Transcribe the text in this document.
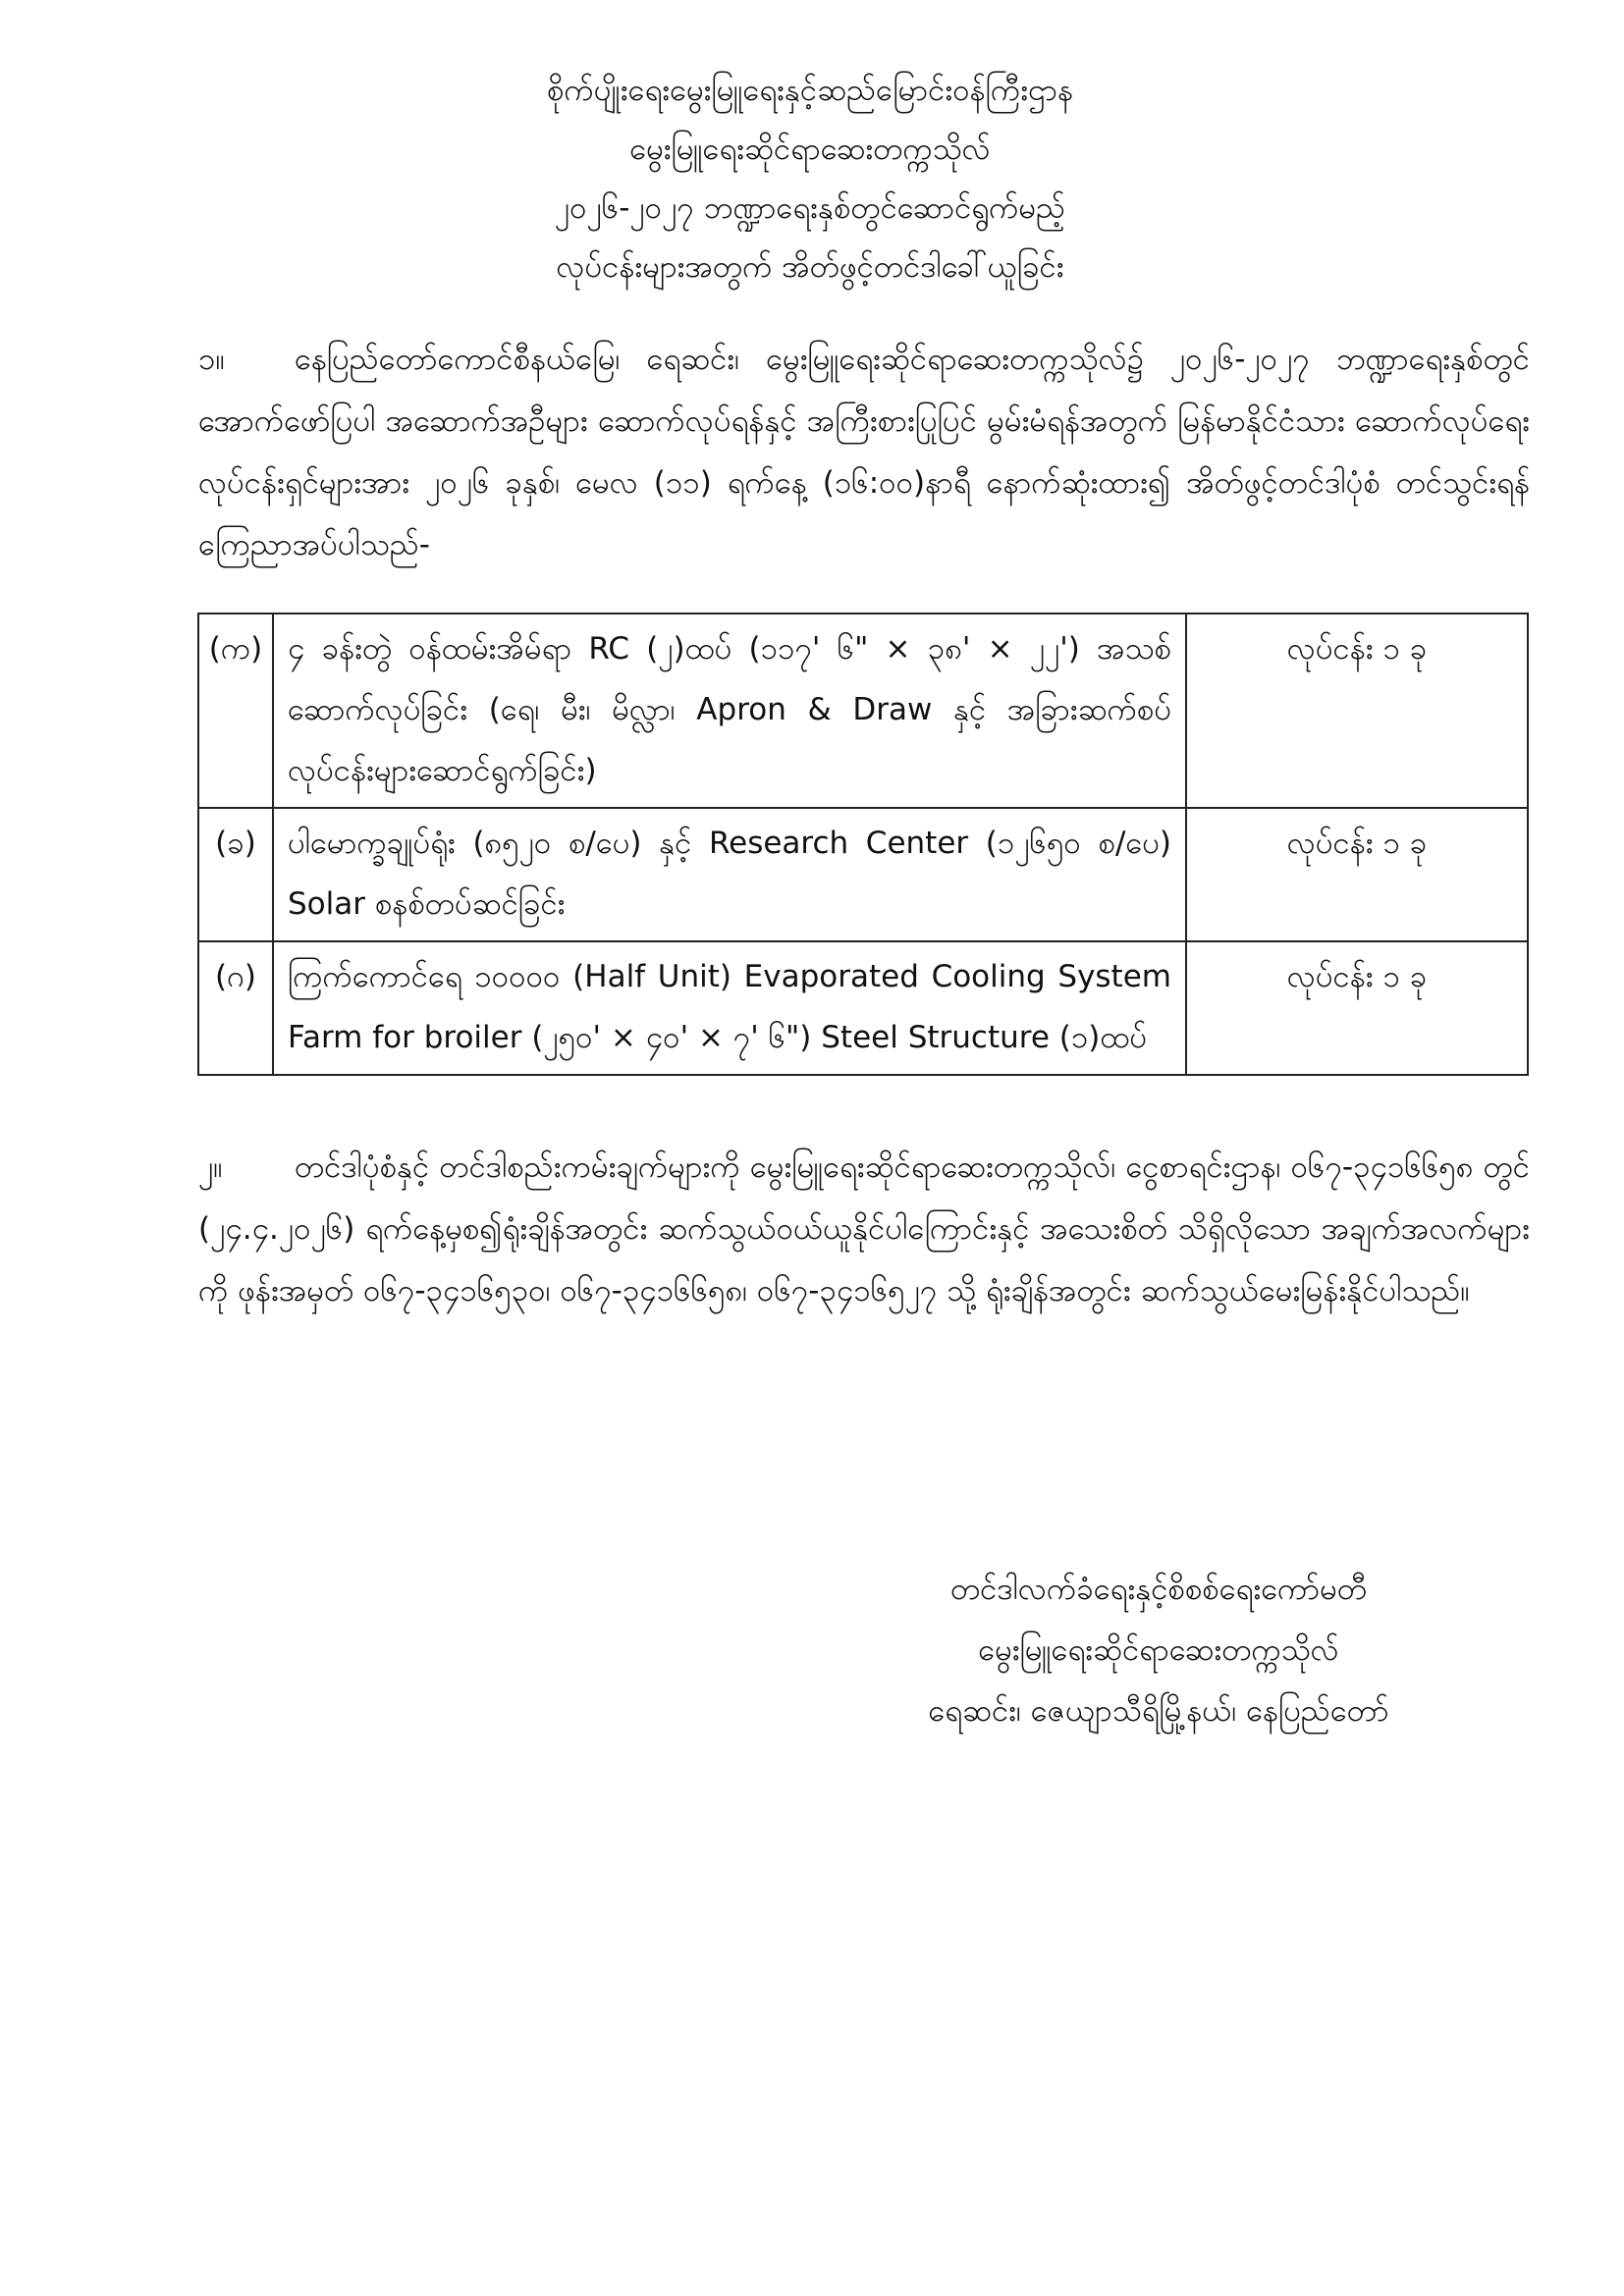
စိုက်ပျိုးရေးမွေးမြူရေးနှင့်ဆည်မြောင်းဝန်ကြီးဌာန
မွေးမြူရေးဆိုင်ရာဆေးတက္ကသိုလ်
၂၀၂၆-၂၀၂၇ ဘဏ္ဍာရေးနှစ်တွင်ဆောင်ရွက်မည့်
လုပ်ငန်းများအတွက် အိတ်ဖွင့်တင်ဒါခေါ်ယူခြင်း
၁။ နေပြည်တော်ကောင်စီနယ်မြေ၊ ရေဆင်း၊ မွေးမြူရေးဆိုင်ရာဆေးတက္ကသိုလ်၌ ၂၀၂၆-၂၀၂၇ ဘဏ္ဍာရေးနှစ်တွင် အောက်ဖော်ပြပါ အဆောက်အဦများ ဆောက်လုပ်ရန်နှင့် အကြီးစားပြုပြင် မွမ်းမံရန်အတွက် မြန်မာနိုင်ငံသား ဆောက်လုပ်ရေးလုပ်ငန်းရှင်များအား ၂၀၂၆ ခုနှစ်၊ မေလ (၁၁) ရက်နေ့ (၁၆:၀၀)နာရီ နောက်ဆုံးထား၍ အိတ်ဖွင့်တင်ဒါပုံစံ တင်သွင်းရန် ကြေညာအပ်ပါသည်-
(က)	၄ ခန်းတွဲ ဝန်ထမ်းအိမ်ရာ RC (၂)ထပ် (၁၁၇' ၆" × ၃၈' × ၂၂') အသစ် ဆောက်လုပ်ခြင်း (ရေ၊ မီး၊ မိလ္လာ၊ Apron & Draw နှင့် အခြားဆက်စပ် လုပ်ငန်းများဆောင်ရွက်ခြင်း)	လုပ်ငန်း ၁ ခု
(ခ)	ပါမောက္ခချုပ်ရုံး (၈၅၂၀ စ/ပေ) နှင့် Research Center (၁၂၆၅၀ စ/ပေ) Solar စနစ်တပ်ဆင်ခြင်း	လုပ်ငန်း ၁ ခု
(ဂ)	ကြက်ကောင်ရေ ၁၀၀၀၀ (Half Unit) Evaporated Cooling System Farm for broiler (၂၅၀' × ၄၀' × ၇' ၆") Steel Structure (၁)ထပ်	လုပ်ငန်း ၁ ခု
၂။ တင်ဒါပုံစံနှင့် တင်ဒါစည်းကမ်းချက်များကို မွေးမြူရေးဆိုင်ရာဆေးတက္ကသိုလ်၊ ငွေစာရင်းဌာန၊ ၀၆၇-၃၄၁၆၆၅၈ တွင် (၂၄.၄.၂၀၂၆) ရက်နေ့မှစ၍ရုံးချိန်အတွင်း ဆက်သွယ်ဝယ်ယူနိုင်ပါကြောင်းနှင့် အသေးစိတ် သိရှိလိုသော အချက်အလက်များကို ဖုန်းအမှတ် ၀၆၇-၃၄၁၆၅၃၀၊ ၀၆၇-၃၄၁၆၆၅၈၊ ၀၆၇-၃၄၁၆၅၂၇ သို့ ရုံးချိန်အတွင်း ဆက်သွယ်မေးမြန်းနိုင်ပါသည်။
တင်ဒါလက်ခံရေးနှင့်စိစစ်ရေးကော်မတီ
မွေးမြူရေးဆိုင်ရာဆေးတက္ကသိုလ်
ရေဆင်း၊ ဇေယျာသီရိမြို့နယ်၊ နေပြည်တော်
